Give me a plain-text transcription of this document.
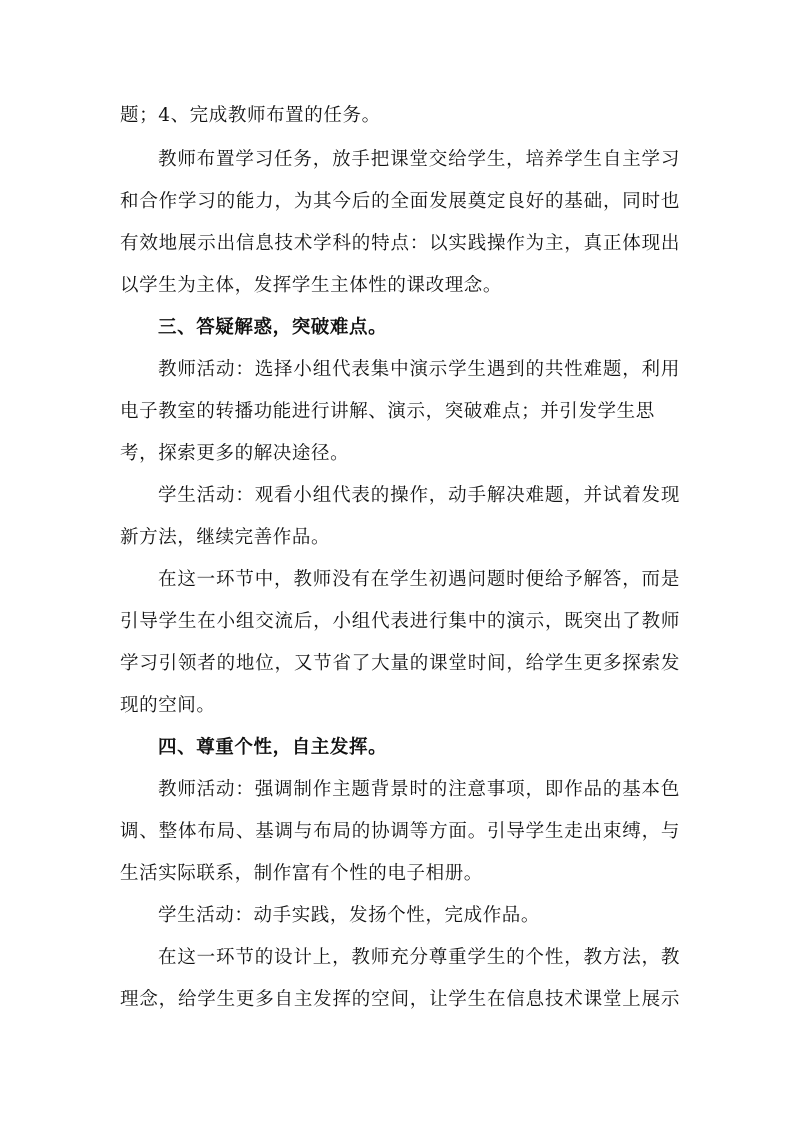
题；4、完成教师布置的任务。
教师布置学习任务，放手把课堂交给学生，培养学生自主学习
和合作学习的能力，为其今后的全面发展奠定良好的基础，同时也
有效地展示出信息技术学科的特点：以实践操作为主，真正体现出
以学生为主体，发挥学生主体性的课改理念。
三、答疑解惑，突破难点。
教师活动：选择小组代表集中演示学生遇到的共性难题，利用
电子教室的转播功能进行讲解、演示，突破难点；并引发学生思
考，探索更多的解决途径。
学生活动：观看小组代表的操作，动手解决难题，并试着发现
新方法，继续完善作品。
在这一环节中，教师没有在学生初遇问题时便给予解答，而是
引导学生在小组交流后，小组代表进行集中的演示，既突出了教师
学习引领者的地位，又节省了大量的课堂时间，给学生更多探索发
现的空间。
四、尊重个性，自主发挥。
教师活动：强调制作主题背景时的注意事项，即作品的基本色
调、整体布局、基调与布局的协调等方面。引导学生走出束缚，与
生活实际联系，制作富有个性的电子相册。
学生活动：动手实践，发扬个性，完成作品。
在这一环节的设计上，教师充分尊重学生的个性，教方法，教
理念，给学生更多自主发挥的空间，让学生在信息技术课堂上展示
